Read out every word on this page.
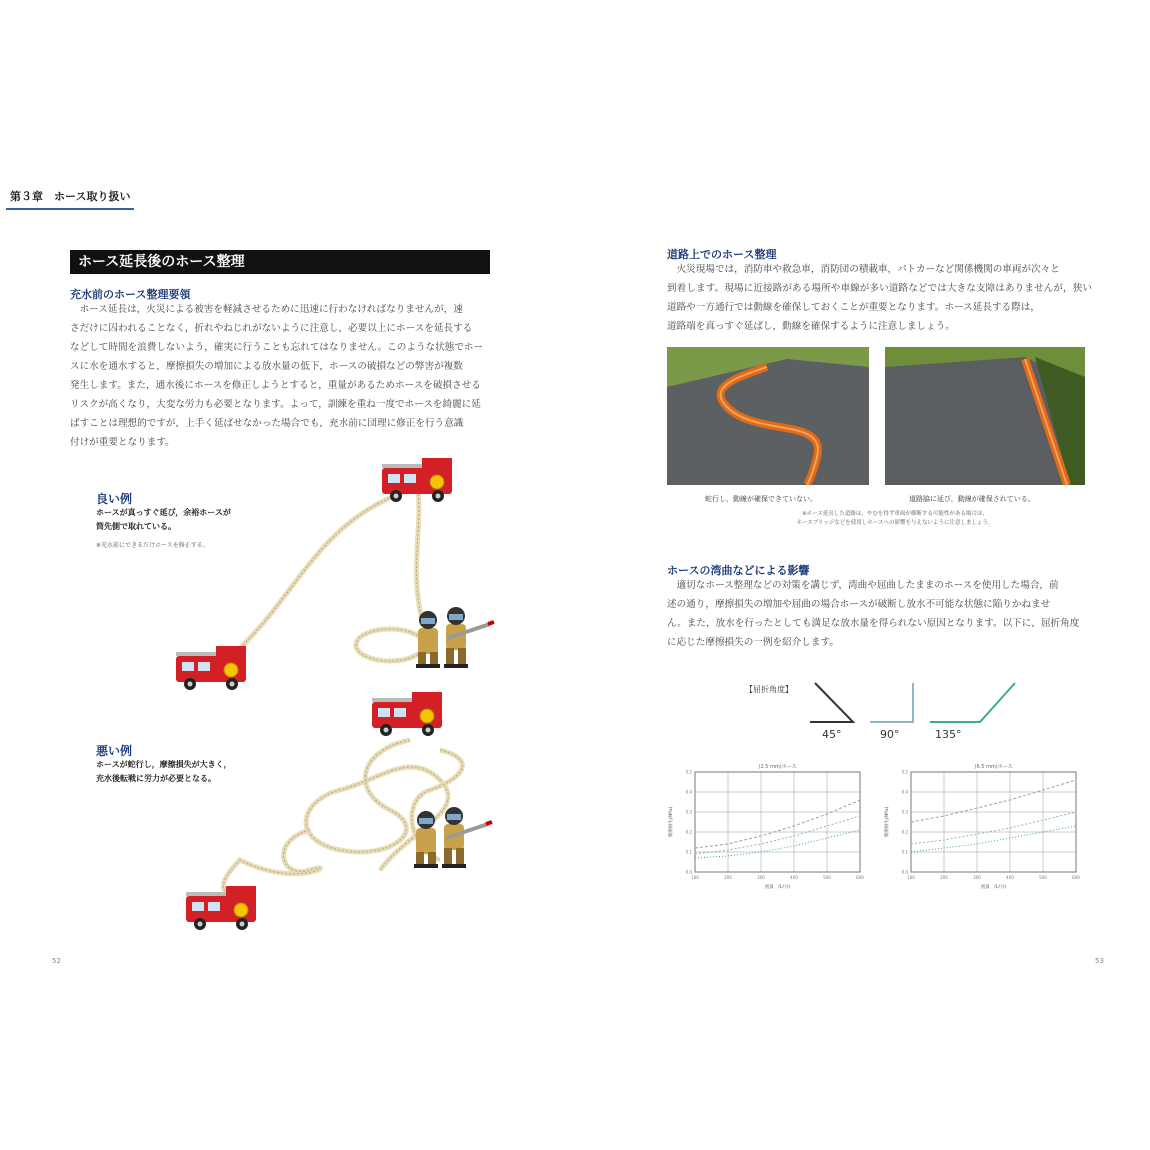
第３章　ホース取り扱い
ホース延長後のホース整理
充水前のホース整理要領
　ホース延長は，火災による被害を軽減させるために迅速に行わなければなりませんが，速
さだけに囚われることなく，折れやねじれがないように注意し，必要以上にホースを延長する
などして時間を浪費しないよう，確実に行うことも忘れてはなりません。このような状態でホー
スに水を通水すると，摩擦損失の増加による放水量の低下，ホースの破損などの弊害が複数
発生します。また，通水後にホースを修正しようとすると，重量があるためホースを破損させる
リスクが高くなり，大変な労力も必要となります。よって，訓練を重ね一度でホースを綺麗に延
ばすことは理想的ですが，上手く延ばせなかった場合でも，充水前に団理に修正を行う意識
付けが重要となります。
良い例
ホースが真っすぐ延び，余裕ホースが
筒先側で取れている。
※充水前にできるだけホースを修正する。
悪い例
ホースが蛇行し，摩擦損失が大きく，
充水後転戦に労力が必要となる。
52
道路上でのホース整理
　火災現場では，消防車や救急車，消防団の積載車，パトカーなど関係機関の車両が次々と
到着します。現場に近接路がある場所や車線が多い道路などでは大きな支障はありませんが，狭い道路や一方通行では動線を確保しておくことが重要となります。ホース延長する際は，
道路端を真っすぐ延ばし，動線を確保するように注意しましょう。
蛇行し，動線が確保できていない。	道路脇に延び，動線が確保されている。
※ホース延長した道路は，やむを得ず車両が横断する可能性がある場合は，
ホースブリッジなどを使用しホースへの影響を与えないように注意しましょう。
ホースの湾曲などによる影響
　適切なホース整理などの対策を講じず，湾曲や屈曲したままのホースを使用した場合，前
述の通り，摩擦損失の増加や屈曲の場合ホースが破断し放水不可能な状態に陥りかねませ
ん。また，放水を行ったとしても満足な放水量を得られない原因となります。以下に，屈折角度
に応じた摩擦損失の一例を紹介します。
【屈折角度】
45°	90°	135°
(2.5 mm)ホース
100	200	300	400	500	600
0.0
0.1
0.2
0.3
0.4
0.5
流量　(L/分)
摩擦損失(MPa)
(6.5 mm)ホース
100	200	300	400	500	600
0.0
0.1
0.2
0.3
0.4
0.5
流量　(L/分)
摩擦損失(MPa)
53
